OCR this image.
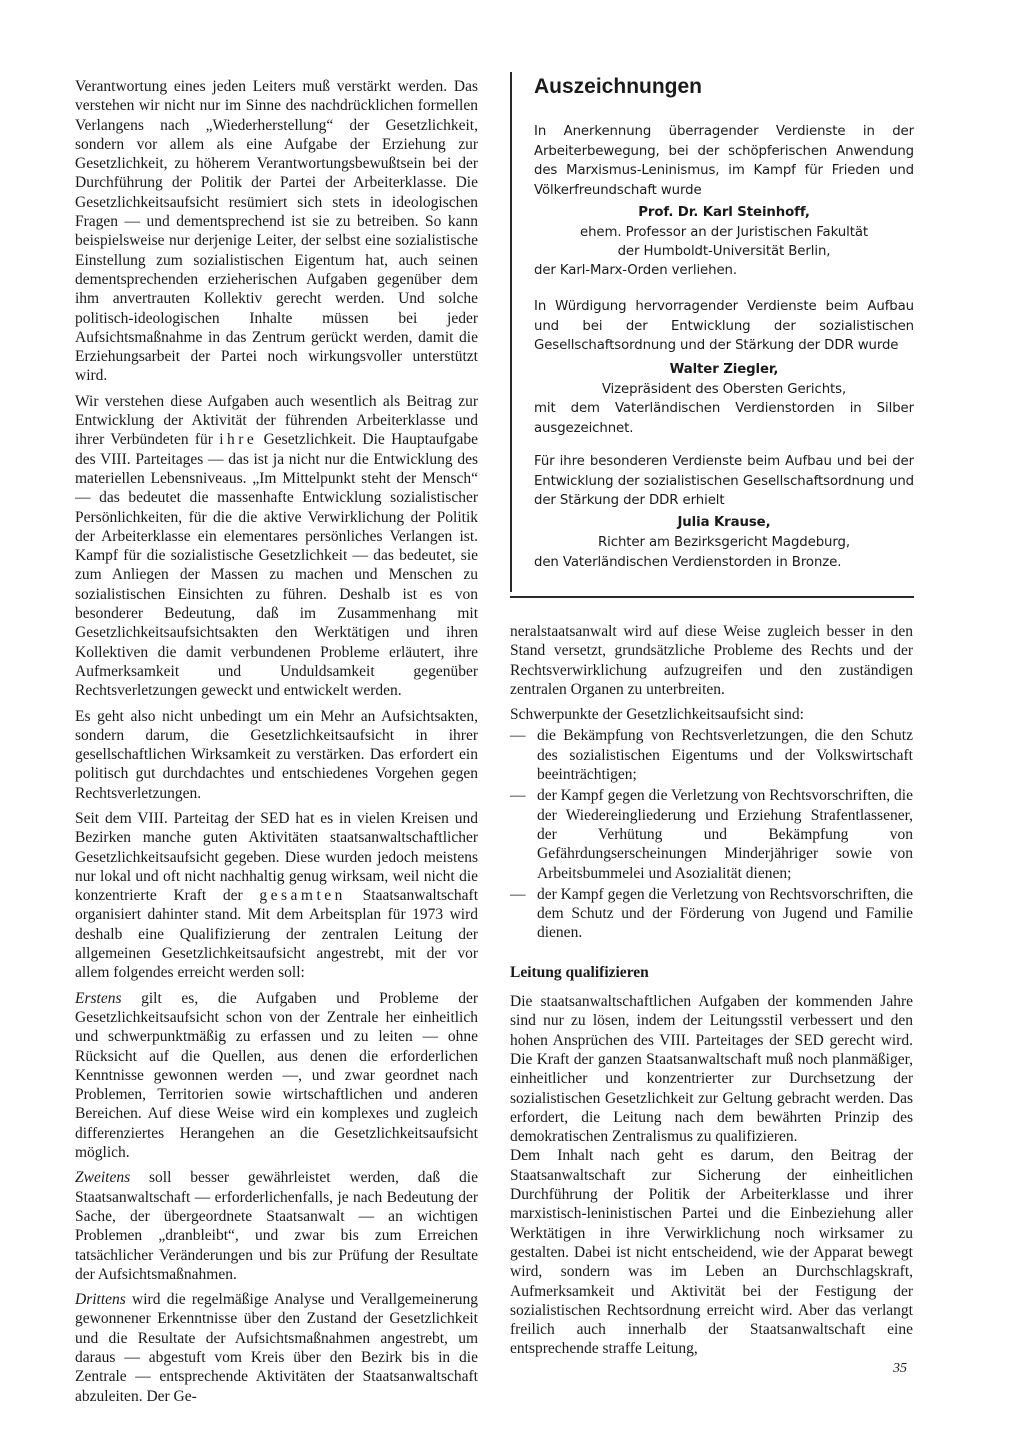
Verantwortung eines jeden Leiters muß verstärkt werden. Das verstehen wir nicht nur im Sinne des nachdrücklichen formellen Verlangens nach „Wiederherstellung“ der Gesetzlichkeit, sondern vor allem als eine Aufgabe der Erziehung zur Gesetzlichkeit, zu höherem Verantwortungsbewußtsein bei der Durchführung der Politik der Partei der Arbeiterklasse. Die Gesetzlichkeitsaufsicht resümiert sich stets in ideologischen Fragen — und dementsprechend ist sie zu betreiben. So kann beispielsweise nur derjenige Leiter, der selbst eine sozialistische Einstellung zum sozialistischen Eigentum hat, auch seinen dementsprechenden erzieherischen Aufgaben gegenüber dem ihm anvertrauten Kollektiv gerecht werden. Und solche politisch-ideologischen Inhalte müssen bei jeder Aufsichtsmaßnahme in das Zentrum gerückt werden, damit die Erziehungsarbeit der Partei noch wirkungsvoller unterstützt wird.

Wir verstehen diese Aufgaben auch wesentlich als Beitrag zur Entwicklung der Aktivität der führenden Arbeiterklasse und ihrer Verbündeten für ihre Gesetzlichkeit. Die Hauptaufgabe des VIII. Parteitages — das ist ja nicht nur die Entwicklung des materiellen Lebensniveaus. „Im Mittelpunkt steht der Mensch“ — das bedeutet die massenhafte Entwicklung sozialistischer Persönlichkeiten, für die die aktive Verwirklichung der Politik der Arbeiterklasse ein elementares persönliches Verlangen ist. Kampf für die sozialistische Gesetzlichkeit — das bedeutet, sie zum Anliegen der Massen zu machen und Menschen zu sozialistischen Einsichten zu führen. Deshalb ist es von besonderer Bedeutung, daß im Zusammenhang mit Gesetzlichkeitsaufsichtsakten den Werktätigen und ihren Kollektiven die damit verbundenen Probleme erläutert, ihre Aufmerksamkeit und Unduldsamkeit gegenüber Rechtsverletzungen geweckt und entwickelt werden.

Es geht also nicht unbedingt um ein Mehr an Aufsichtsakten, sondern darum, die Gesetzlichkeitsaufsicht in ihrer gesellschaftlichen Wirksamkeit zu verstärken. Das erfordert ein politisch gut durchdachtes und entschiedenes Vorgehen gegen Rechtsverletzungen.

Seit dem VIII. Parteitag der SED hat es in vielen Kreisen und Bezirken manche guten Aktivitäten staatsanwaltschaftlicher Gesetzlichkeitsaufsicht gegeben. Diese wurden jedoch meistens nur lokal und oft nicht nachhaltig genug wirksam, weil nicht die konzentrierte Kraft der gesamten Staatsanwaltschaft organisiert dahinter stand. Mit dem Arbeitsplan für 1973 wird deshalb eine Qualifizierung der zentralen Leitung der allgemeinen Gesetzlichkeitsaufsicht angestrebt, mit der vor allem folgendes erreicht werden soll:

Erstens gilt es, die Aufgaben und Probleme der Gesetzlichkeitsaufsicht schon von der Zentrale her einheitlich und schwerpunktmäßig zu erfassen und zu leiten — ohne Rücksicht auf die Quellen, aus denen die erforderlichen Kenntnisse gewonnen werden —, und zwar geordnet nach Problemen, Territorien sowie wirtschaftlichen und anderen Bereichen. Auf diese Weise wird ein komplexes und zugleich differenziertes Herangehen an die Gesetzlichkeitsaufsicht möglich.

Zweitens soll besser gewährleistet werden, daß die Staatsanwaltschaft — erforderlichenfalls, je nach Bedeutung der Sache, der übergeordnete Staatsanwalt — an wichtigen Problemen „dranbleibt“, und zwar bis zum Erreichen tatsächlicher Veränderungen und bis zur Prüfung der Resultate der Aufsichtsmaßnahmen.

Drittens wird die regelmäßige Analyse und Verallgemeinerung gewonnener Erkenntnisse über den Zustand der Gesetzlichkeit und die Resultate der Aufsichtsmaßnahmen angestrebt, um daraus — abgestuft vom Kreis über den Bezirk bis in die Zentrale — entsprechende Aktivitäten der Staatsanwaltschaft abzuleiten. Der Ge-

Auszeichnungen
In Anerkennung überragender Verdienste in der Arbeiterbewegung, bei der schöpferischen Anwendung des Marxismus-Leninismus, im Kampf für Frieden und Völkerfreundschaft wurde
Prof. Dr. Karl Steinhoff,
ehem. Professor an der Juristischen Fakultät
der Humboldt-Universität Berlin,
der Karl-Marx-Orden verliehen.
In Würdigung hervorragender Verdienste beim Aufbau und bei der Entwicklung der sozialistischen Gesellschaftsordnung und der Stärkung der DDR wurde
Walter Ziegler,
Vizepräsident des Obersten Gerichts,
mit dem Vaterländischen Verdienstorden in Silber ausgezeichnet.
Für ihre besonderen Verdienste beim Aufbau und bei der Entwicklung der sozialistischen Gesellschaftsordnung und der Stärkung der DDR erhielt
Julia Krause,
Richter am Bezirksgericht Magdeburg,
den Vaterländischen Verdienstorden in Bronze.

neralstaatsanwalt wird auf diese Weise zugleich besser in den Stand versetzt, grundsätzliche Probleme des Rechts und der Rechtsverwirklichung aufzugreifen und den zuständigen zentralen Organen zu unterbreiten.

Schwerpunkte der Gesetzlichkeitsaufsicht sind:

— die Bekämpfung von Rechtsverletzungen, die den Schutz des sozialistischen Eigentums und der Volkswirtschaft beeinträchtigen;
— der Kampf gegen die Verletzung von Rechtsvorschriften, die der Wiedereingliederung und Erziehung Strafentlassener, der Verhütung und Bekämpfung von Gefährdungserscheinungen Minderjähriger sowie von Arbeitsbummelei und Asozialität dienen;
— der Kampf gegen die Verletzung von Rechtsvorschriften, die dem Schutz und der Förderung von Jugend und Familie dienen.
Leitung qualifizieren

Die staatsanwaltschaftlichen Aufgaben der kommenden Jahre sind nur zu lösen, indem der Leitungsstil verbessert und den hohen Ansprüchen des VIII. Parteitages der SED gerecht wird. Die Kraft der ganzen Staatsanwaltschaft muß noch planmäßiger, einheitlicher und konzentrierter zur Durchsetzung der sozialistischen Gesetzlichkeit zur Geltung gebracht werden. Das erfordert, die Leitung nach dem bewährten Prinzip des demokratischen Zentralismus zu qualifizieren.

Dem Inhalt nach geht es darum, den Beitrag der Staatsanwaltschaft zur Sicherung der einheitlichen Durchführung der Politik der Arbeiterklasse und ihrer marxistisch-leninistischen Partei und die Einbeziehung aller Werktätigen in ihre Verwirklichung noch wirksamer zu gestalten. Dabei ist nicht entscheidend, wie der Apparat bewegt wird, sondern was im Leben an Durchschlagskraft, Aufmerksamkeit und Aktivität bei der Festigung der sozialistischen Rechtsordnung erreicht wird. Aber das verlangt freilich auch innerhalb der Staatsanwaltschaft eine entsprechende straffe Leitung,

35
